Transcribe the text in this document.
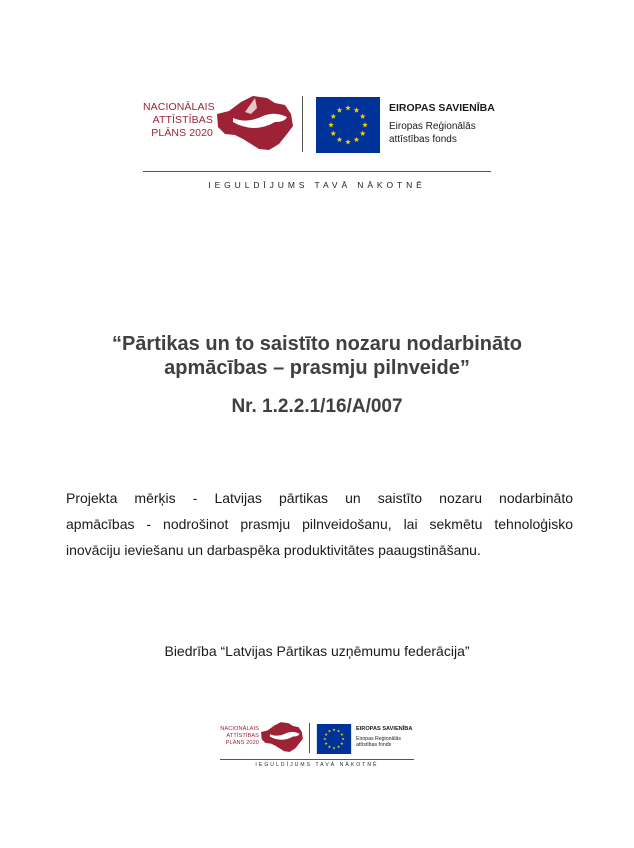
NACIONĀLAIS
ATTĪSTĪBAS
PLĀNS 2020
EIROPAS SAVIENĪBA
Eiropas Reģionālās
attīstības fonds
IEGULDĪJUMS TAVĀ NĀKOTNĒ
“Pārtikas un to saistīto nozaru nodarbināto
apmācības – prasmju pilnveide”
Nr. 1.2.2.1/16/A/007
Projekta mērķis - Latvijas pārtikas un saistīto nozaru nodarbināto
apmācības - nodrošinot prasmju pilnveidošanu, lai sekmētu tehnoloģisko
inovāciju ieviešanu un darbaspēka produktivitātes paaugstināšanu.
Biedrība “Latvijas Pārtikas uzņēmumu federācija”
NACIONĀLAIS
ATTĪSTĪBAS
PLĀNS 2020
EIROPAS SAVIENĪBA
Eiropas Reģionālās
attīstības fonds
IEGULDĪJUMS TAVĀ NĀKOTNĒ
